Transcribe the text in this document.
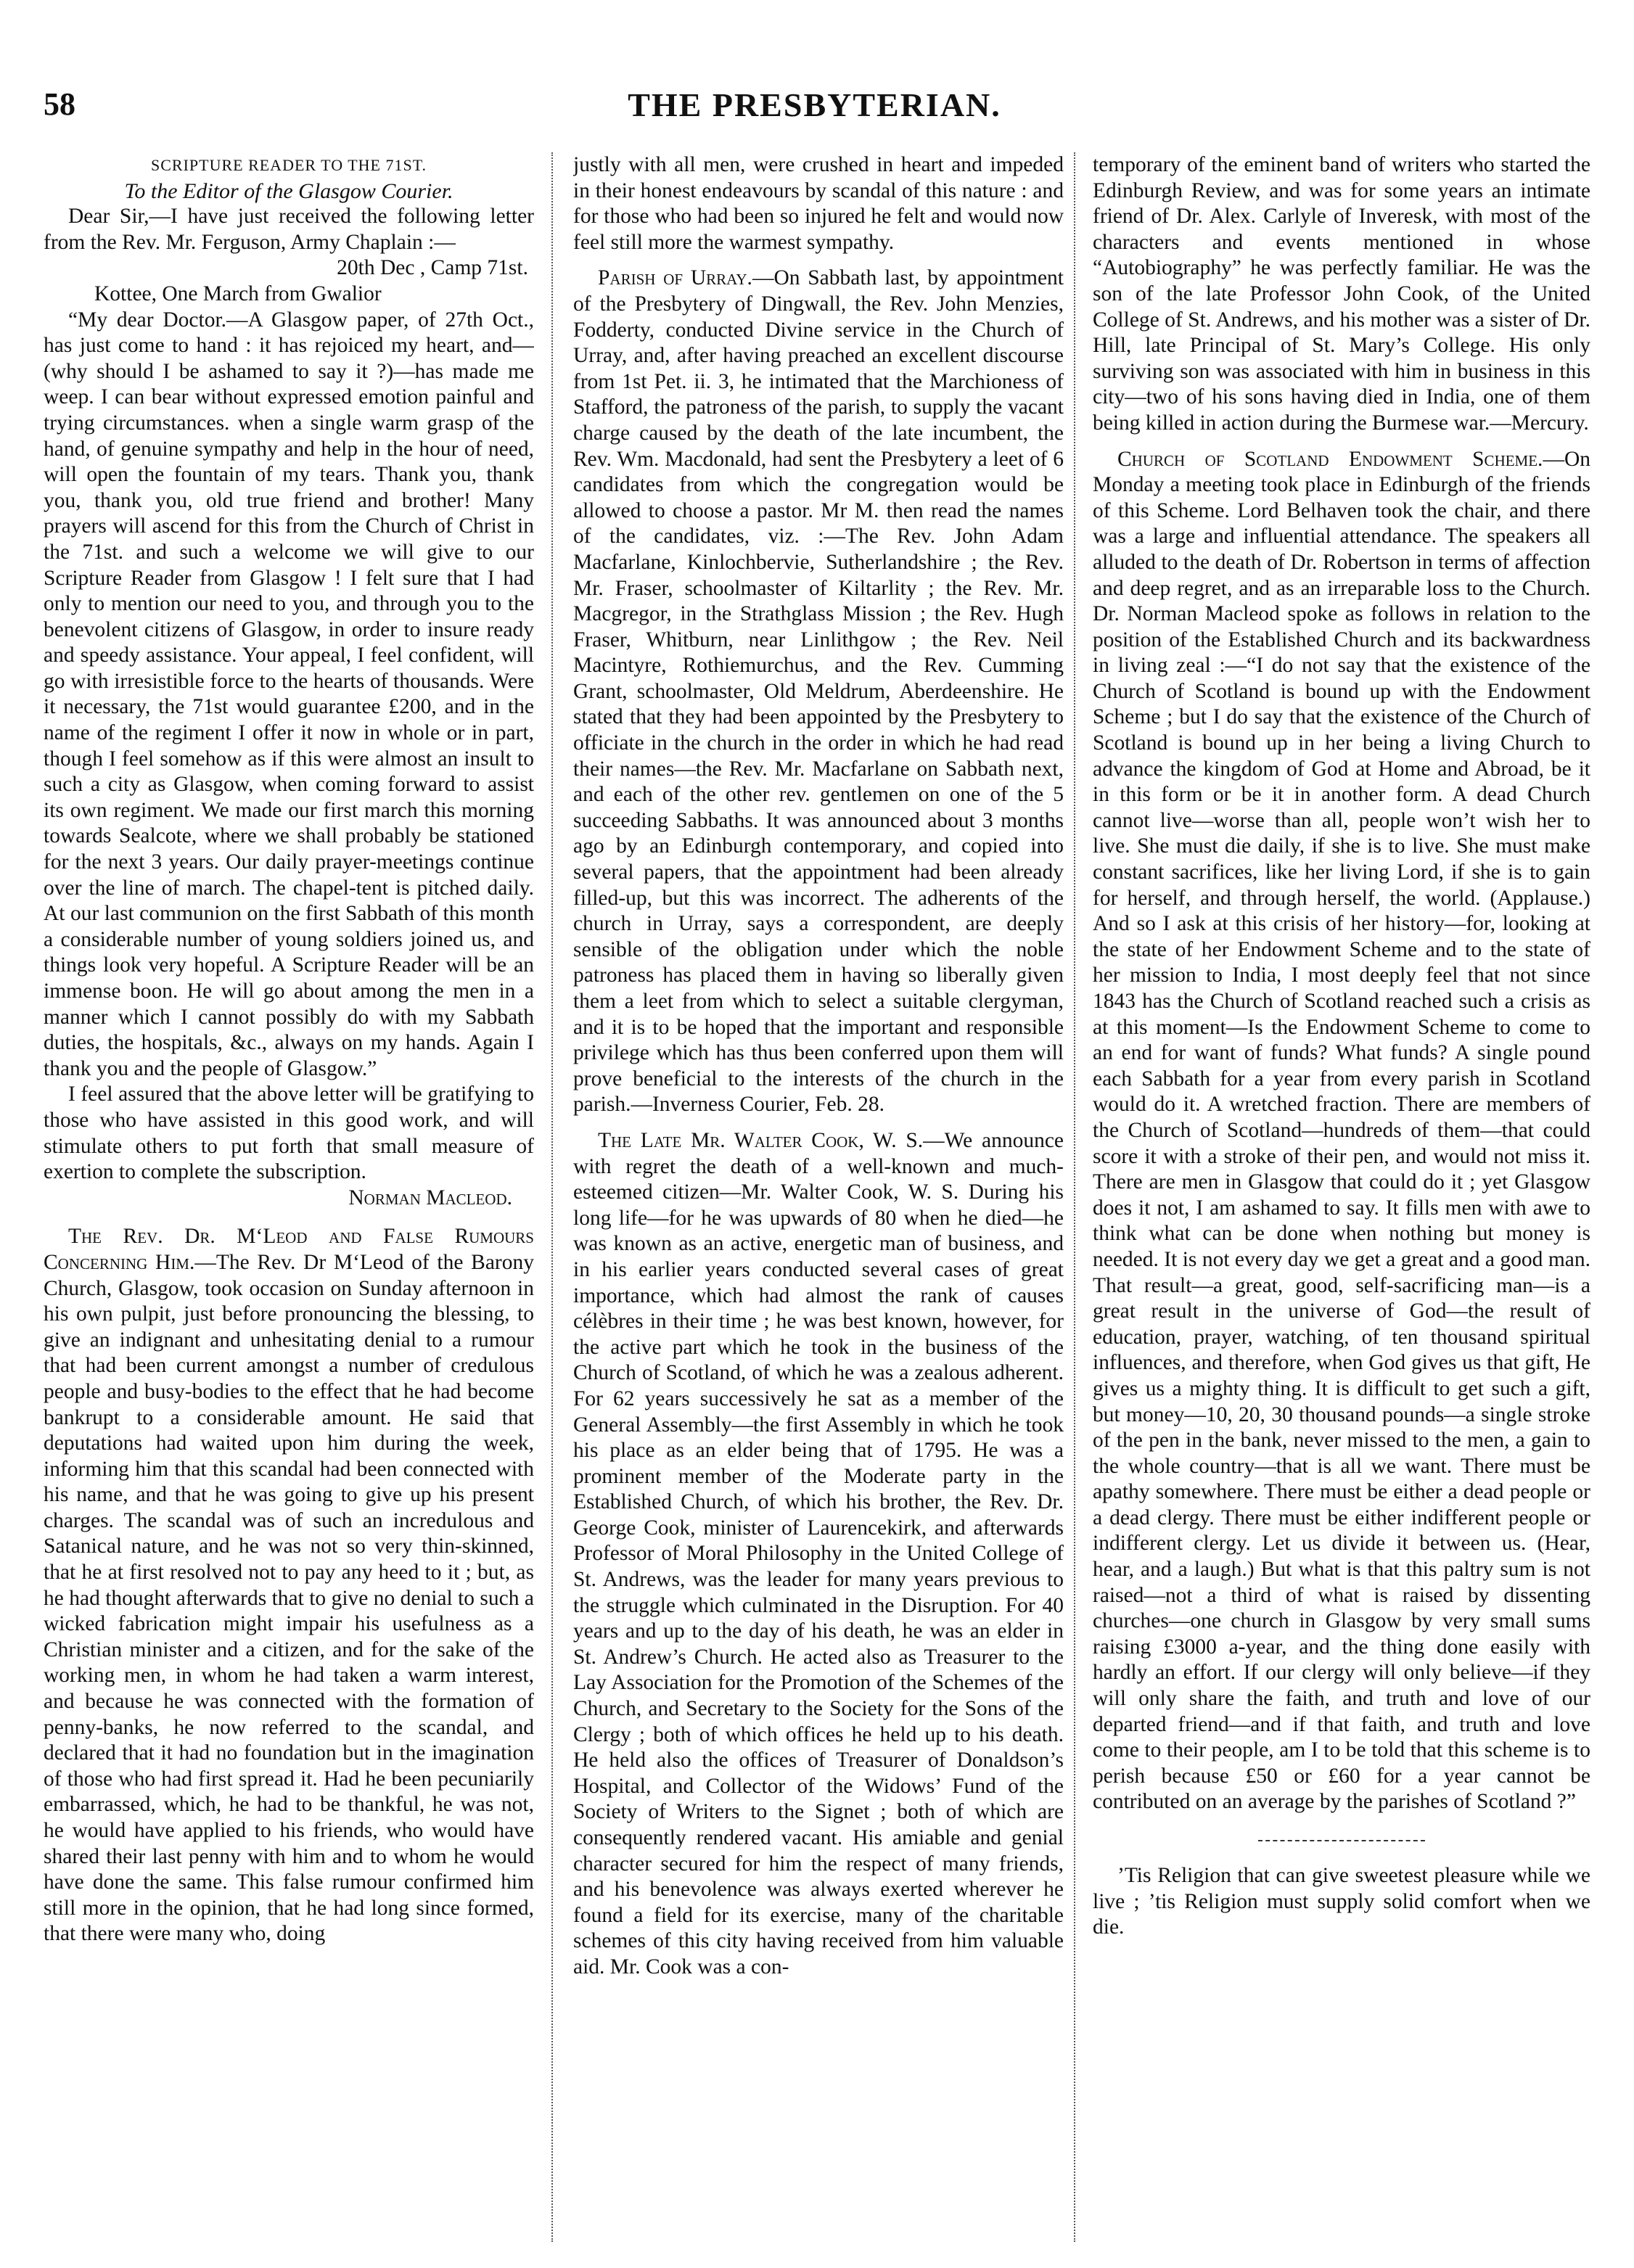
58	THE PRESBYTERIAN.

SCRIPTURE READER TO THE 71ST.

To the Editor of the Glasgow Courier.

Dear Sir,—I have just received the following letter from the Rev. Mr. Ferguson, Army Chaplain :—

20th Dec , Camp 71st.

Kottee, One March from Gwalior

“My dear Doctor.—A Glasgow paper, of 27th Oct., has just come to hand : it has rejoiced my heart, and—(why should I be ashamed to say it ?)—has made me weep. I can bear without expressed emotion painful and trying circumstances. when a single warm grasp of the hand, of genuine sympathy and help in the hour of need, will open the fountain of my tears. Thank you, thank you, thank you, old true friend and brother! Many prayers will ascend for this from the Church of Christ in the 71st. and such a welcome we will give to our Scripture Reader from Glasgow ! I felt sure that I had only to mention our need to you, and through you to the benevolent citizens of Glasgow, in order to insure ready and speedy assistance. Your appeal, I feel confident, will go with irresistible force to the hearts of thousands. Were it necessary, the 71st would guarantee £200, and in the name of the regiment I offer it now in whole or in part, though I feel somehow as if this were almost an insult to such a city as Glasgow, when coming forward to assist its own regiment. We made our first march this morning towards Sealcote, where we shall probably be stationed for the next 3 years. Our daily prayer-meetings continue over the line of march. The chapel-tent is pitched daily. At our last communion on the first Sabbath of this month a considerable number of young soldiers joined us, and things look very hopeful. A Scripture Reader will be an immense boon. He will go about among the men in a manner which I cannot possibly do with my Sabbath duties, the hospitals, &c., always on my hands. Again I thank you and the people of Glasgow.”

I feel assured that the above letter will be gratifying to those who have assisted in this good work, and will stimulate others to put forth that small measure of exertion to complete the subscription.

Norman Macleod.

The Rev. Dr. M‘Leod and False Rumours Concerning Him.—The Rev. Dr M‘Leod of the Barony Church, Glasgow, took occasion on Sunday afternoon in his own pulpit, just before pronouncing the blessing, to give an indignant and unhesitating denial to a rumour that had been current amongst a number of credulous people and busy-bodies to the effect that he had become bankrupt to a considerable amount. He said that deputations had waited upon him during the week, informing him that this scandal had been connected with his name, and that he was going to give up his present charges. The scandal was of such an incredulous and Satanical nature, and he was not so very thin-skinned, that he at first resolved not to pay any heed to it ; but, as he had thought afterwards that to give no denial to such a wicked fabrication might impair his usefulness as a Christian minister and a citizen, and for the sake of the working men, in whom he had taken a warm interest, and because he was connected with the formation of penny-banks, he now referred to the scandal, and declared that it had no foundation but in the imagination of those who had first spread it. Had he been pecuniarily embarrassed, which, he had to be thankful, he was not, he would have applied to his friends, who would have shared their last penny with him and to whom he would have done the same. This false rumour confirmed him still more in the opinion, that he had long since formed, that there were many who, doing

justly with all men, were crushed in heart and impeded in their honest endeavours by scandal of this nature : and for those who had been so injured he felt and would now feel still more the warmest sympathy.

Parish of Urray.—On Sabbath last, by appointment of the Presbytery of Dingwall, the Rev. John Menzies, Fodderty, conducted Divine service in the Church of Urray, and, after having preached an excellent discourse from 1st Pet. ii. 3, he intimated that the Marchioness of Stafford, the patroness of the parish, to supply the vacant charge caused by the death of the late incumbent, the Rev. Wm. Macdonald, had sent the Presbytery a leet of 6 candidates from which the congregation would be allowed to choose a pastor. Mr M. then read the names of the candidates, viz. :—The Rev. John Adam Macfarlane, Kinlochbervie, Sutherlandshire ; the Rev. Mr. Fraser, schoolmaster of Kiltarlity ; the Rev. Mr. Macgregor, in the Strathglass Mission ; the Rev. Hugh Fraser, Whitburn, near Linlithgow ; the Rev. Neil Macintyre, Rothiemurchus, and the Rev. Cumming Grant, schoolmaster, Old Meldrum, Aberdeenshire. He stated that they had been appointed by the Presbytery to officiate in the church in the order in which he had read their names—the Rev. Mr. Macfarlane on Sabbath next, and each of the other rev. gentlemen on one of the 5 succeeding Sabbaths. It was announced about 3 months ago by an Edinburgh contemporary, and copied into several papers, that the appointment had been already filled-up, but this was incorrect. The adherents of the church in Urray, says a correspondent, are deeply sensible of the obligation under which the noble patroness has placed them in having so liberally given them a leet from which to select a suitable clergyman, and it is to be hoped that the important and responsible privilege which has thus been conferred upon them will prove beneficial to the interests of the church in the parish.—Inverness Courier, Feb. 28.

The Late Mr. Walter Cook, W. S.—We announce with regret the death of a well-known and much-esteemed citizen—Mr. Walter Cook, W. S. During his long life—for he was upwards of 80 when he died—he was known as an active, energetic man of business, and in his earlier years conducted several cases of great importance, which had almost the rank of causes célèbres in their time ; he was best known, however, for the active part which he took in the business of the Church of Scotland, of which he was a zealous adherent. For 62 years successively he sat as a member of the General Assembly—the first Assembly in which he took his place as an elder being that of 1795. He was a prominent member of the Moderate party in the Established Church, of which his brother, the Rev. Dr. George Cook, minister of Laurencekirk, and afterwards Professor of Moral Philosophy in the United College of St. Andrews, was the leader for many years previous to the struggle which culminated in the Disruption. For 40 years and up to the day of his death, he was an elder in St. Andrew’s Church. He acted also as Treasurer to the Lay Association for the Promotion of the Schemes of the Church, and Secretary to the Society for the Sons of the Clergy ; both of which offices he held up to his death. He held also the offices of Treasurer of Donaldson’s Hospital, and Collector of the Widows’ Fund of the Society of Writers to the Signet ; both of which are consequently rendered vacant. His amiable and genial character secured for him the respect of many friends, and his benevolence was always exerted wherever he found a field for its exercise, many of the charitable schemes of this city having received from him valuable aid. Mr. Cook was a con-

temporary of the eminent band of writers who started the Edinburgh Review, and was for some years an intimate friend of Dr. Alex. Carlyle of Inveresk, with most of the characters and events mentioned in whose “Autobiography” he was perfectly familiar. He was the son of the late Professor John Cook, of the United College of St. Andrews, and his mother was a sister of Dr. Hill, late Principal of St. Mary’s College. His only surviving son was associated with him in business in this city—two of his sons having died in India, one of them being killed in action during the Burmese war.—Mercury.

Church of Scotland Endowment Scheme.—On Monday a meeting took place in Edinburgh of the friends of this Scheme. Lord Belhaven took the chair, and there was a large and influential attendance. The speakers all alluded to the death of Dr. Robertson in terms of affection and deep regret, and as an irreparable loss to the Church. Dr. Norman Macleod spoke as follows in relation to the position of the Established Church and its backwardness in living zeal :—“I do not say that the existence of the Church of Scotland is bound up with the Endowment Scheme ; but I do say that the existence of the Church of Scotland is bound up in her being a living Church to advance the kingdom of God at Home and Abroad, be it in this form or be it in another form. A dead Church cannot live—worse than all, people won’t wish her to live. She must die daily, if she is to live. She must make constant sacrifices, like her living Lord, if she is to gain for herself, and through herself, the world. (Applause.) And so I ask at this crisis of her history—for, looking at the state of her Endowment Scheme and to the state of her mission to India, I most deeply feel that not since 1843 has the Church of Scotland reached such a crisis as at this moment—Is the Endowment Scheme to come to an end for want of funds? What funds? A single pound each Sabbath for a year from every parish in Scotland would do it. A wretched fraction. There are members of the Church of Scotland—hundreds of them—that could score it with a stroke of their pen, and would not miss it. There are men in Glasgow that could do it ; yet Glasgow does it not, I am ashamed to say. It fills men with awe to think what can be done when nothing but money is needed. It is not every day we get a great and a good man. That result—a great, good, self-sacrificing man—is a great result in the universe of God—the result of education, prayer, watching, of ten thousand spiritual influences, and therefore, when God gives us that gift, He gives us a mighty thing. It is difficult to get such a gift, but money—10, 20, 30 thousand pounds—a single stroke of the pen in the bank, never missed to the men, a gain to the whole country—that is all we want. There must be apathy somewhere. There must be either a dead people or a dead clergy. There must be either indifferent people or indifferent clergy. Let us divide it between us. (Hear, hear, and a laugh.) But what is that this paltry sum is not raised—not a third of what is raised by dissenting churches—one church in Glasgow by very small sums raising £3000 a-year, and the thing done easily with hardly an effort. If our clergy will only believe—if they will only share the faith, and truth and love of our departed friend—and if that faith, and truth and love come to their people, am I to be told that this scheme is to perish because £50 or £60 for a year cannot be contributed on an average by the parishes of Scotland ?”

’Tis Religion that can give sweetest pleasure while we live ; ’tis Religion must supply solid comfort when we die.
